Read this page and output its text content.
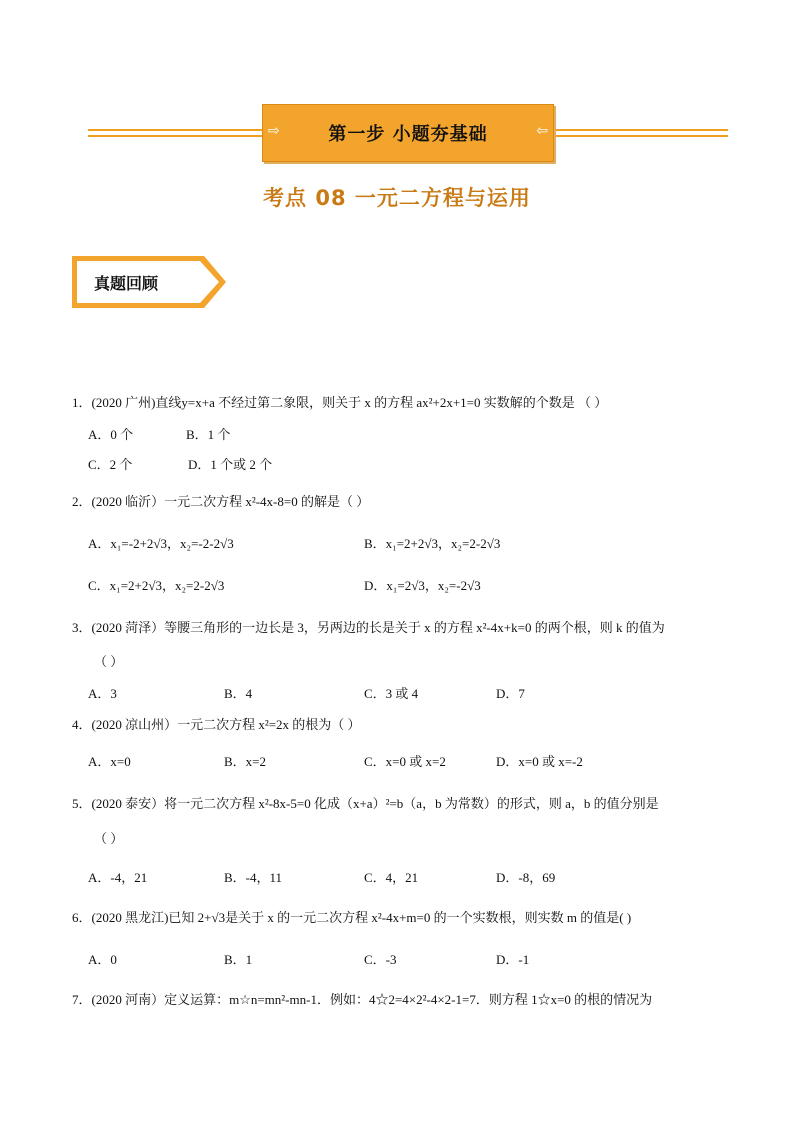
⇨	第一步 小题夯基础	⇦
考点 08 一元二方程与运用
真题回顾
1．(2020 广州)直线y=x+a 不经过第二象限，则关于 x 的方程 ax²+2x+1=0 实数解的个数是 （ ）
A．0 个	B．1 个
C．2 个	D．1 个或 2 个
2．(2020 临沂）一元二次方程 x²-4x-8=0 的解是（ ）
A．x₁=-2+2√3，x₂=-2-2√3	B．x₁=2+2√3，x₂=2-2√3
C．x₁=2+2√3，x₂=2-2√3	D．x₁=2√3，x₂=-2√3
3．(2020 菏泽）等腰三角形的一边长是 3，另两边的长是关于 x 的方程 x²-4x+k=0 的两个根，则 k 的值为
（ ）
A．3	B．4	C．3 或 4	D．7
4．(2020 凉山州）一元二次方程 x²=2x 的根为（ ）
A．x=0	B．x=2	C．x=0 或 x=2	D．x=0 或 x=-2
5．(2020 泰安）将一元二次方程 x²-8x-5=0 化成（x+a）²=b（a，b 为常数）的形式，则 a，b 的值分别是
（ ）
A．-4，21	B．-4，11	C．4，21	D．-8，69
6．(2020 黑龙江)已知 2+√3是关于 x 的一元二次方程 x²-4x+m=0 的一个实数根，则实数 m 的值是( )
A．0	B．1	C．-3	D．-1
7．(2020 河南）定义运算：m☆n=mn²-mn-1．例如：4☆2=4×2²-4×2-1=7．则方程 1☆x=0 的根的情况为
